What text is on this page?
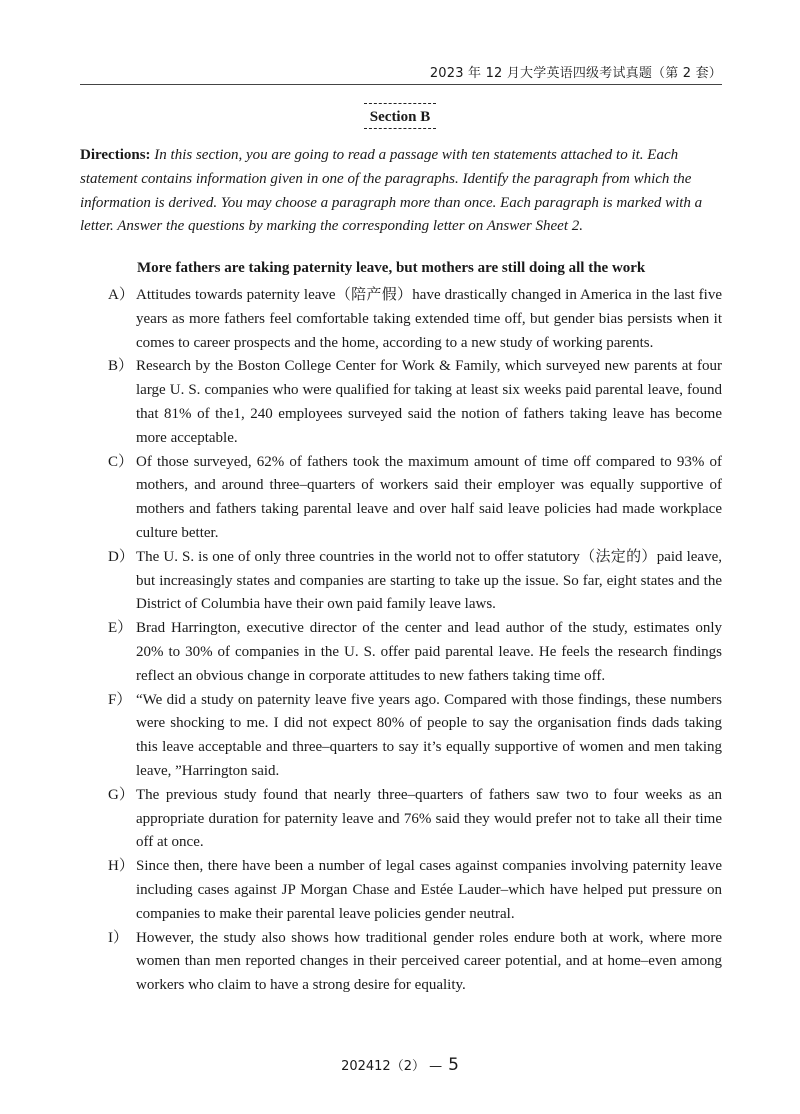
2023 年 12 月大学英语四级考试真题（第 2 套）
Section B
Directions: In this section, you are going to read a passage with ten statements attached to it. Each statement contains information given in one of the paragraphs. Identify the paragraph from which the information is derived. You may choose a paragraph more than once. Each paragraph is marked with a letter. Answer the questions by marking the corresponding letter on Answer Sheet 2.
More fathers are taking paternity leave, but mothers are still doing all the work

A） Attitudes towards paternity leave（陪产假）have drastically changed in America in the last five years as more fathers feel comfortable taking extended time off, but gender bias persists when it comes to career prospects and the home, according to a new study of working parents.

B） Research by the Boston College Center for Work & Family, which surveyed new parents at four large U. S. companies who were qualified for taking at least six weeks paid parental leave, found that 81% of the1, 240 employees surveyed said the notion of fathers taking leave has become more acceptable.

C） Of those surveyed, 62% of fathers took the maximum amount of time off compared to 93% of mothers, and around three–quarters of workers said their employer was equally supportive of mothers and fathers taking parental leave and over half said leave policies had made workplace culture better.

D） The U. S. is one of only three countries in the world not to offer statutory（法定的）paid leave, but increasingly states and companies are starting to take up the issue. So far, eight states and the District of Columbia have their own paid family leave laws.

E） Brad Harrington, executive director of the center and lead author of the study, estimates only 20% to 30% of companies in the U. S. offer paid parental leave. He feels the research findings reflect an obvious change in corporate attitudes to new fathers taking time off.

F） “We did a study on paternity leave five years ago. Compared with those findings, these numbers were shocking to me. I did not expect 80% of people to say the organisation finds dads taking this leave acceptable and three–quarters to say it’s equally supportive of women and men taking leave, ”Harrington said.

G） The previous study found that nearly three–quarters of fathers saw two to four weeks as an appropriate duration for paternity leave and 76% said they would prefer not to take all their time off at once.

H） Since then, there have been a number of legal cases against companies involving paternity leave including cases against JP Morgan Chase and Estée Lauder–which have helped put pressure on companies to make their parental leave policies gender neutral.

I） However, the study also shows how traditional gender roles endure both at work, where more women than men reported changes in their perceived career potential, and at home–even among workers who claim to have a strong desire for equality.

202412（2） — 5
